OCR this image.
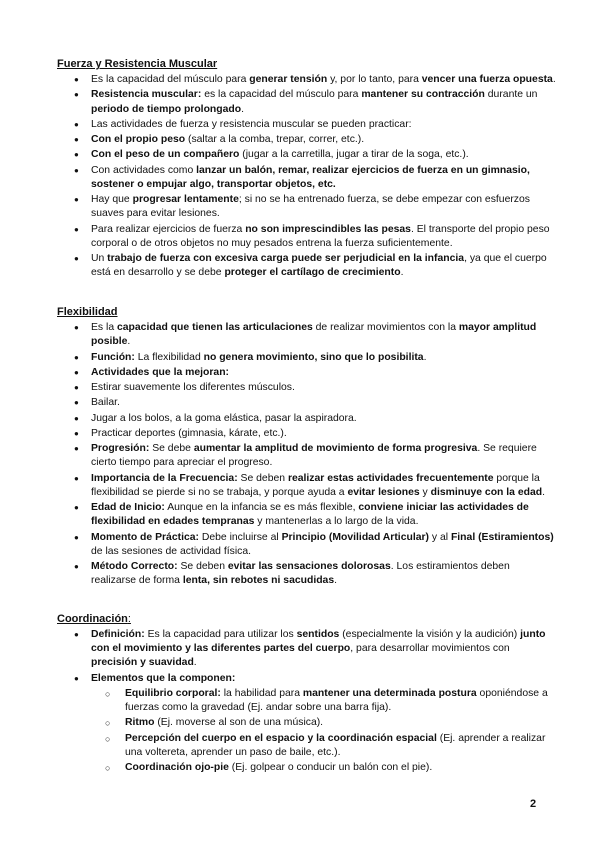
Fuerza y Resistencia Muscular

● Es la capacidad del músculo para generar tensión y, por lo tanto, para vencer una fuerza opuesta.
● Resistencia muscular: es la capacidad del músculo para mantener su contracción durante un periodo de tiempo prolongado.
● Las actividades de fuerza y resistencia muscular se pueden practicar:
● Con el propio peso (saltar a la comba, trepar, correr, etc.).
● Con el peso de un compañero (jugar a la carretilla, jugar a tirar de la soga, etc.).
● Con actividades como lanzar un balón, remar, realizar ejercicios de fuerza en un gimnasio, sostener o empujar algo, transportar objetos, etc.
● Hay que progresar lentamente; si no se ha entrenado fuerza, se debe empezar con esfuerzos suaves para evitar lesiones.
● Para realizar ejercicios de fuerza no son imprescindibles las pesas. El transporte del propio peso corporal o de otros objetos no muy pesados entrena la fuerza suficientemente.
● Un trabajo de fuerza con excesiva carga puede ser perjudicial en la infancia, ya que el cuerpo está en desarrollo y se debe proteger el cartílago de crecimiento.

Flexibilidad

● Es la capacidad que tienen las articulaciones de realizar movimientos con la mayor amplitud posible.
● Función: La flexibilidad no genera movimiento, sino que lo posibilita.
● Actividades que la mejoran:
● Estirar suavemente los diferentes músculos.
● Bailar.
● Jugar a los bolos, a la goma elástica, pasar la aspiradora.
● Practicar deportes (gimnasia, kárate, etc.).
● Progresión: Se debe aumentar la amplitud de movimiento de forma progresiva. Se requiere cierto tiempo para apreciar el progreso.
● Importancia de la Frecuencia: Se deben realizar estas actividades frecuentemente porque la flexibilidad se pierde si no se trabaja, y porque ayuda a evitar lesiones y disminuye con la edad.
● Edad de Inicio: Aunque en la infancia se es más flexible, conviene iniciar las actividades de flexibilidad en edades tempranas y mantenerlas a lo largo de la vida.
● Momento de Práctica: Debe incluirse al Principio (Movilidad Articular) y al Final (Estiramientos) de las sesiones de actividad física.
● Método Correcto: Se deben evitar las sensaciones dolorosas. Los estiramientos deben realizarse de forma lenta, sin rebotes ni sacudidas.

Coordinación:

● Definición: Es la capacidad para utilizar los sentidos (especialmente la visión y la audición) junto con el movimiento y las diferentes partes del cuerpo, para desarrollar movimientos con precisión y suavidad.
● Elementos que la componen:
○ Equilibrio corporal: la habilidad para mantener una determinada postura oponiéndose a fuerzas como la gravedad (Ej. andar sobre una barra fija).
○ Ritmo (Ej. moverse al son de una música).
○ Percepción del cuerpo en el espacio y la coordinación espacial (Ej. aprender a realizar una voltereta, aprender un paso de baile, etc.).
○ Coordinación ojo-pie (Ej. golpear o conducir un balón con el pie).
2
